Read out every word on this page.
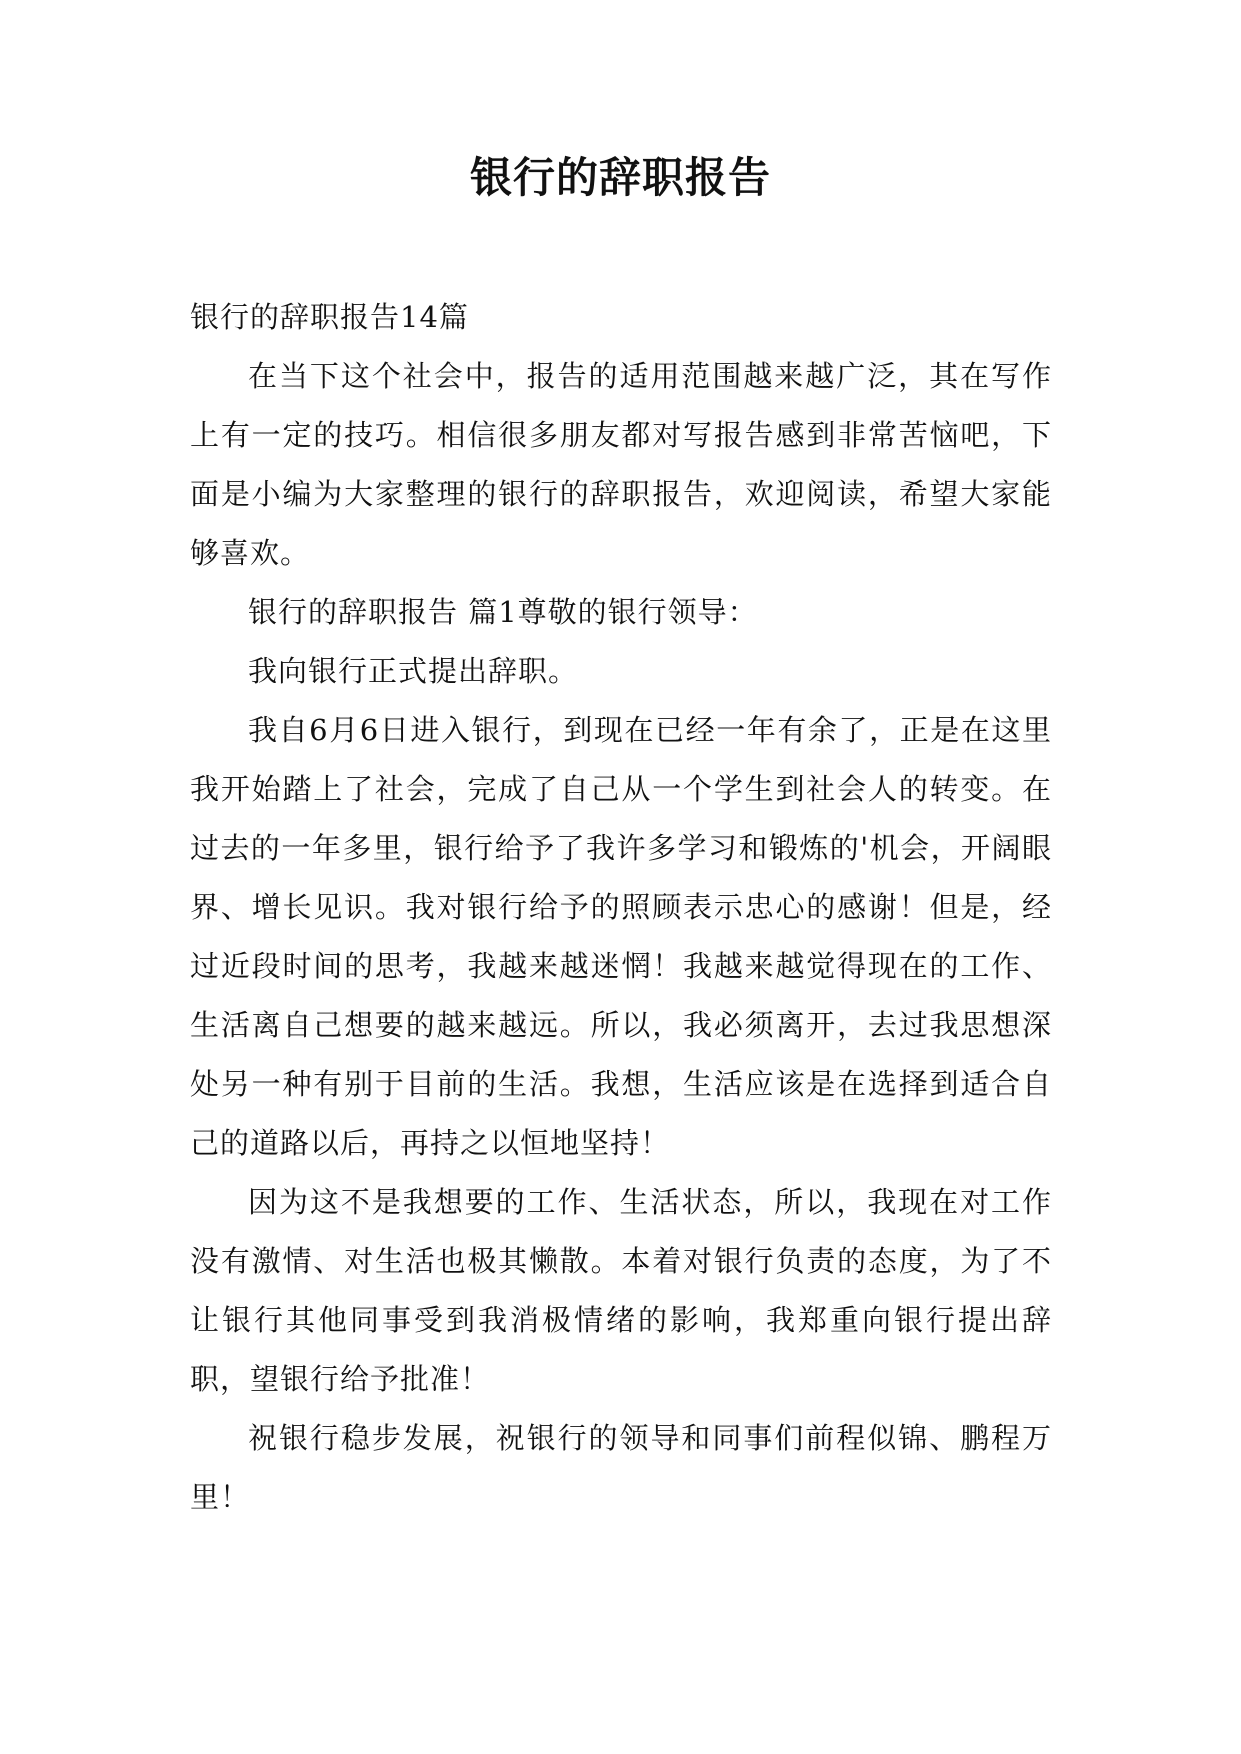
银行的辞职报告

银行的辞职报告14篇

在当下这个社会中，报告的适用范围越来越广泛，其在写作上有一定的技巧。相信很多朋友都对写报告感到非常苦恼吧，下面是小编为大家整理的银行的辞职报告，欢迎阅读，希望大家能够喜欢。

银行的辞职报告 篇1尊敬的银行领导：

我向银行正式提出辞职。

我自6月6日进入银行，到现在已经一年有余了，正是在这里我开始踏上了社会，完成了自己从一个学生到社会人的转变。在过去的一年多里，银行给予了我许多学习和锻炼的'机会，开阔眼界、增长见识。我对银行给予的照顾表示忠心的感谢！但是，经过近段时间的思考，我越来越迷惘！我越来越觉得现在的工作、生活离自己想要的越来越远。所以，我必须离开，去过我思想深处另一种有别于目前的生活。我想，生活应该是在选择到适合自己的道路以后，再持之以恒地坚持！

因为这不是我想要的工作、生活状态，所以，我现在对工作没有激情、对生活也极其懒散。本着对银行负责的态度，为了不让银行其他同事受到我消极情绪的影响，我郑重向银行提出辞职，望银行给予批准！

祝银行稳步发展，祝银行的领导和同事们前程似锦、鹏程万里！
